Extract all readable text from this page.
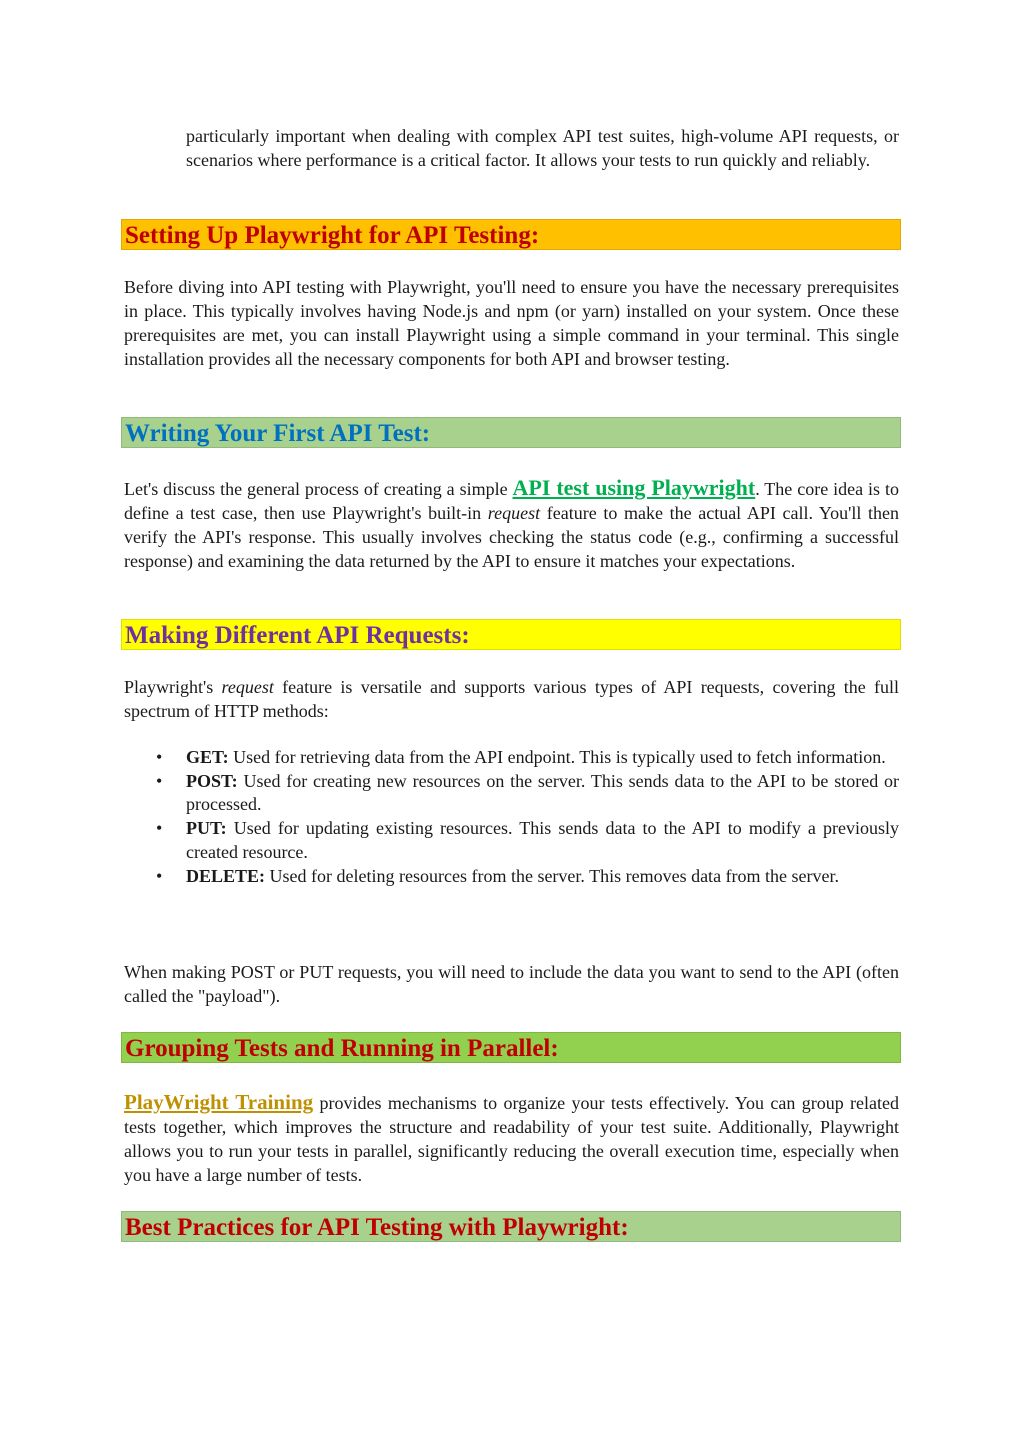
particularly important when dealing with complex API test suites, high-volume API requests, or scenarios where performance is a critical factor. It allows your tests to run quickly and reliably.

Setting Up Playwright for API Testing:

Before diving into API testing with Playwright, you'll need to ensure you have the necessary prerequisites in place. This typically involves having Node.js and npm (or yarn) installed on your system. Once these prerequisites are met, you can install Playwright using a simple command in your terminal. This single installation provides all the necessary components for both API and browser testing.

Writing Your First API Test:

Let's discuss the general process of creating a simple API test using Playwright. The core idea is to define a test case, then use Playwright's built-in request feature to make the actual API call. You'll then verify the API's response. This usually involves checking the status code (e.g., confirming a successful response) and examining the data returned by the API to ensure it matches your expectations.

Making Different API Requests:

Playwright's request feature is versatile and supports various types of API requests, covering the full spectrum of HTTP methods:

• GET: Used for retrieving data from the API endpoint. This is typically used to fetch information.
• POST: Used for creating new resources on the server. This sends data to the API to be stored or processed.
• PUT: Used for updating existing resources. This sends data to the API to modify a previously created resource.
• DELETE: Used for deleting resources from the server. This removes data from the server.

When making POST or PUT requests, you will need to include the data you want to send to the API (often called the "payload").

Grouping Tests and Running in Parallel:

PlayWright Training provides mechanisms to organize your tests effectively. You can group related tests together, which improves the structure and readability of your test suite. Additionally, Playwright allows you to run your tests in parallel, significantly reducing the overall execution time, especially when you have a large number of tests.

Best Practices for API Testing with Playwright:
